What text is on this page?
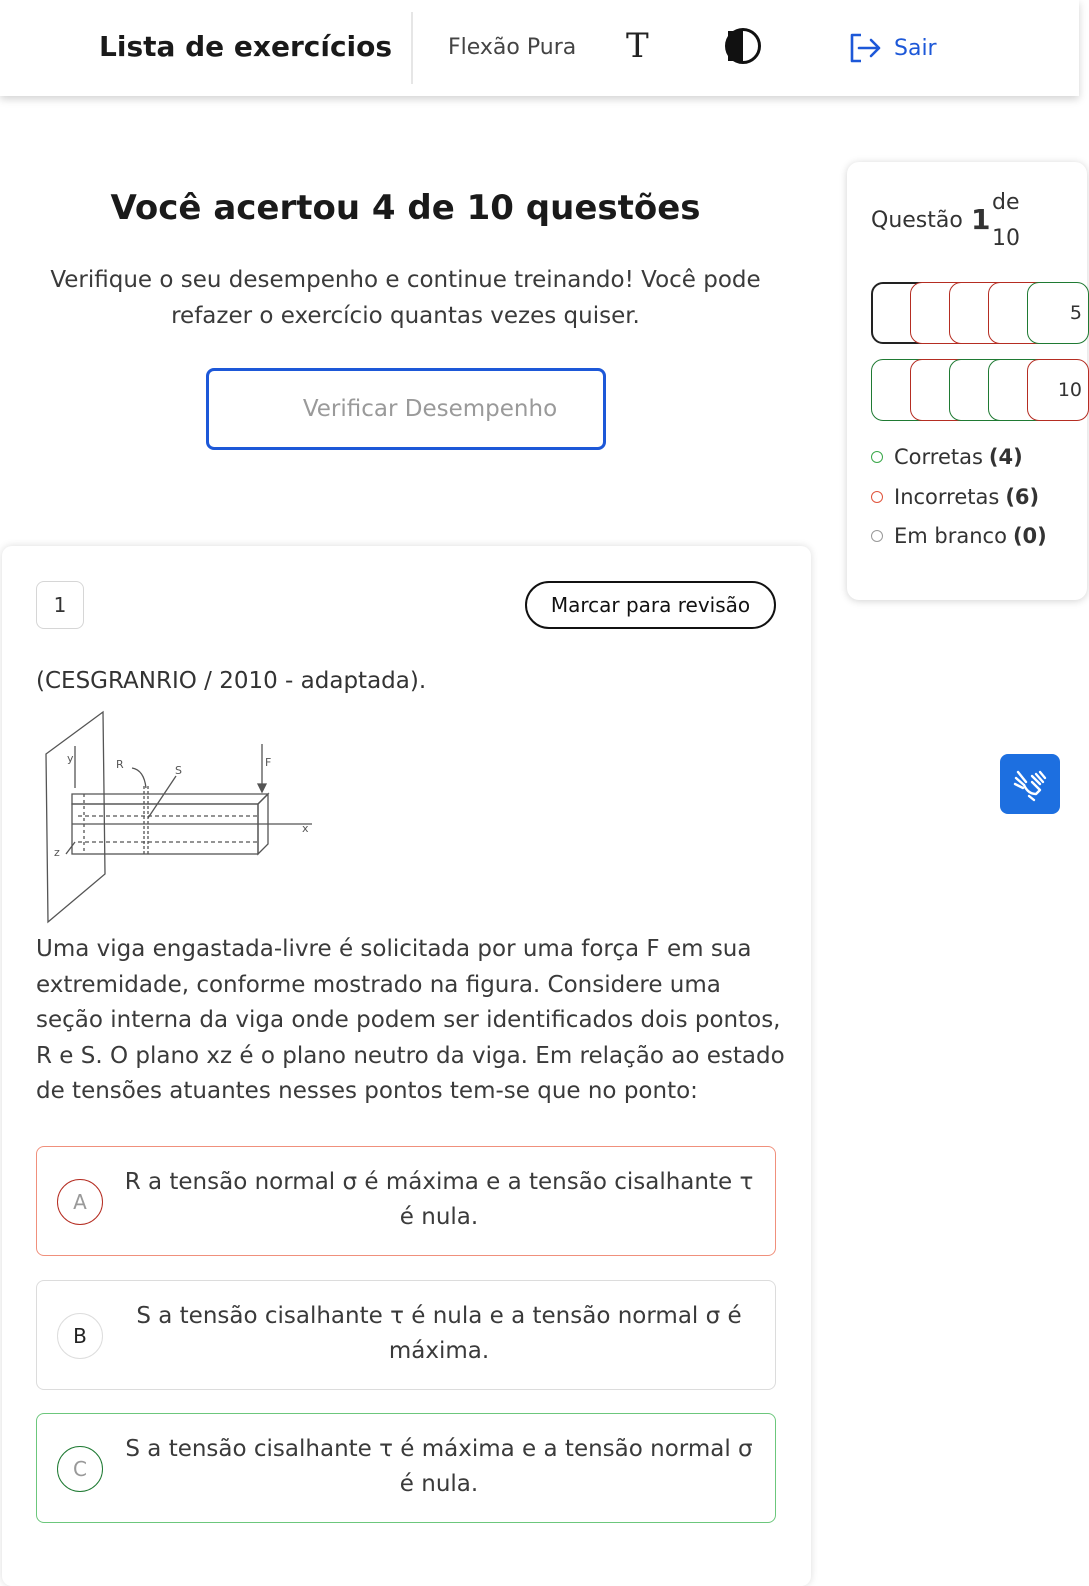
Lista de exercícios	Flexão Pura T	Sair
Você acertou 4 de 10 questões
Verifique o seu desempenho e continue treinando! Você pode refazer o exercício quantas vezes quiser.
Verificar Desempenho
1	Marcar para revisão
(CESGRANRIO / 2010 - adaptada).
y	R	S
F
x
z
Uma viga engastada-livre é solicitada por uma força F em sua extremidade, conforme mostrado na figura. Considere uma seção interna da viga onde podem ser identificados dois pontos, R e S. O plano xz é o plano neutro da viga. Em relação ao estado de tensões atuantes nesses pontos tem-se que no ponto:
A
R a tensão normal σ é máxima e a tensão cisalhante τ é nula.
B
S a tensão cisalhante τ é nula e a tensão normal σ é máxima.
C
S a tensão cisalhante τ é máxima e a tensão normal σ é nula.
Questão 1
de
10
10
5
Corretas (4)
Incorretas (6)
Em branco (0)
